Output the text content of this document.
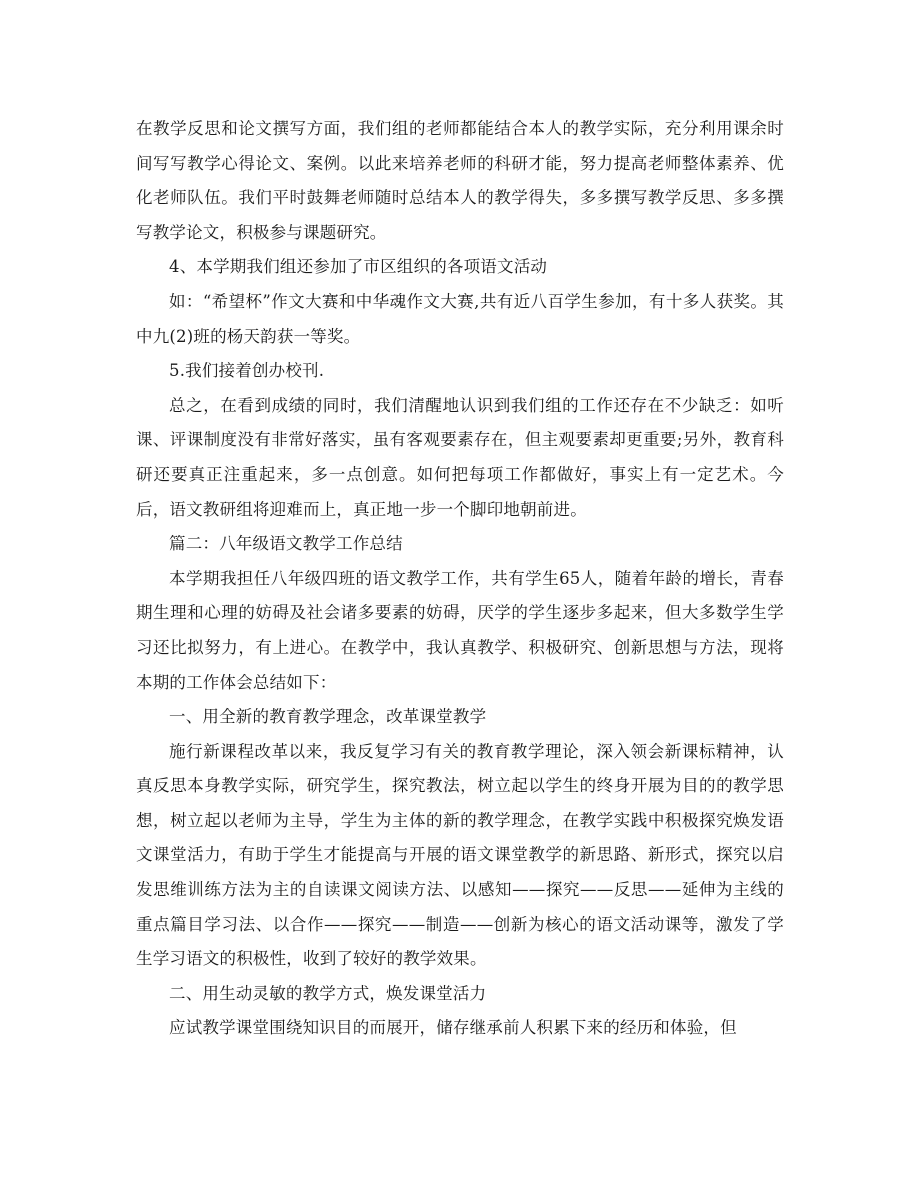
在教学反思和论文撰写方面，我们组的老师都能结合本人的教学实际，充分利用课余时间写写教学心得论文、案例。以此来培养老师的科研才能，努力提高老师整体素养、优化老师队伍。我们平时鼓舞老师随时总结本人的教学得失，多多撰写教学反思、多多撰写教学论文，积极参与课题研究。

4、本学期我们组还参加了市区组织的各项语文活动

如：“希望杯”作文大赛和中华魂作文大赛,共有近八百学生参加，有十多人获奖。其中九(2)班的杨天韵获一等奖。

5.我们接着创办校刊.

总之，在看到成绩的同时，我们清醒地认识到我们组的工作还存在不少缺乏：如听课、评课制度没有非常好落实，虽有客观要素存在，但主观要素却更重要;另外，教育科研还要真正注重起来，多一点创意。如何把每项工作都做好，事实上有一定艺术。今后，语文教研组将迎难而上，真正地一步一个脚印地朝前进。

篇二：八年级语文教学工作总结

本学期我担任八年级四班的语文教学工作，共有学生65人，随着年龄的增长，青春期生理和心理的妨碍及社会诸多要素的妨碍，厌学的学生逐步多起来，但大多数学生学习还比拟努力，有上进心。在教学中，我认真教学、积极研究、创新思想与方法，现将本期的工作体会总结如下：

一、用全新的教育教学理念，改革课堂教学

施行新课程改革以来，我反复学习有关的教育教学理论，深入领会新课标精神，认真反思本身教学实际，研究学生，探究教法，树立起以学生的终身开展为目的的教学思想，树立起以老师为主导，学生为主体的新的教学理念，在教学实践中积极探究焕发语文课堂活力，有助于学生才能提高与开展的语文课堂教学的新思路、新形式，探究以启发思维训练方法为主的自读课文阅读方法、以感知——探究——反思——延伸为主线的重点篇目学习法、以合作——探究——制造——创新为核心的语文活动课等，激发了学生学习语文的积极性，收到了较好的教学效果。

二、用生动灵敏的教学方式，焕发课堂活力

应试教学课堂围绕知识目的而展开，储存继承前人积累下来的经历和体验，但
